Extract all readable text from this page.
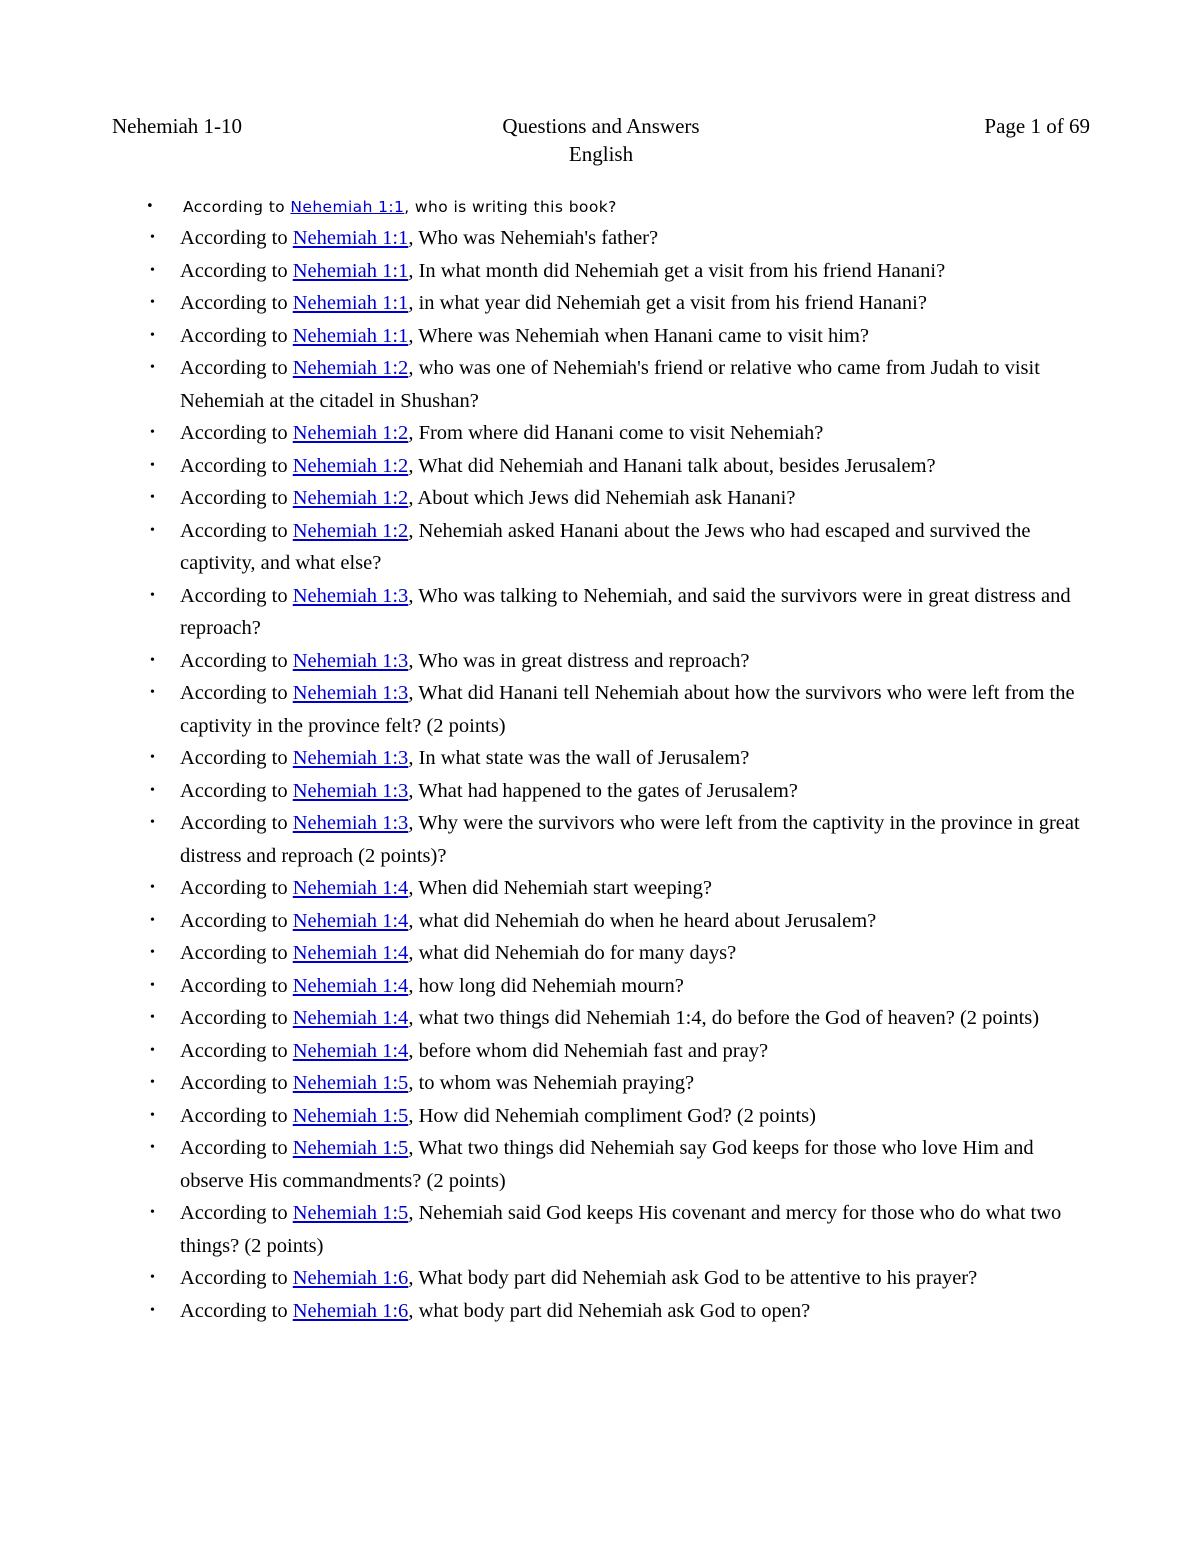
Nehemiah 1-10	Questions and Answers	Page 1 of 69
English
• According to Nehemiah 1:1, who is writing this book?
• According to Nehemiah 1:1, Who was Nehemiah's father?
• According to Nehemiah 1:1, In what month did Nehemiah get a visit from his friend Hanani?
• According to Nehemiah 1:1, in what year did Nehemiah get a visit from his friend Hanani?
• According to Nehemiah 1:1, Where was Nehemiah when Hanani came to visit him?
• According to Nehemiah 1:2, who was one of Nehemiah's friend or relative who came from Judah to visit Nehemiah at the citadel in Shushan?
• According to Nehemiah 1:2, From where did Hanani come to visit Nehemiah?
• According to Nehemiah 1:2, What did Nehemiah and Hanani talk about, besides Jerusalem?
• According to Nehemiah 1:2, About which Jews did Nehemiah ask Hanani?
• According to Nehemiah 1:2, Nehemiah asked Hanani about the Jews who had escaped and survived the captivity, and what else?
• According to Nehemiah 1:3, Who was talking to Nehemiah, and said the survivors were in great distress and reproach?
• According to Nehemiah 1:3, Who was in great distress and reproach?
• According to Nehemiah 1:3, What did Hanani tell Nehemiah about how the survivors who were left from the captivity in the province felt? (2 points)
• According to Nehemiah 1:3, In what state was the wall of Jerusalem?
• According to Nehemiah 1:3, What had happened to the gates of Jerusalem?
• According to Nehemiah 1:3, Why were the survivors who were left from the captivity in the province in great distress and reproach (2 points)?
• According to Nehemiah 1:4, When did Nehemiah start weeping?
• According to Nehemiah 1:4, what did Nehemiah do when he heard about Jerusalem?
• According to Nehemiah 1:4, what did Nehemiah do for many days?
• According to Nehemiah 1:4, how long did Nehemiah mourn?
• According to Nehemiah 1:4, what two things did Nehemiah 1:4, do before the God of heaven? (2 points)
• According to Nehemiah 1:4, before whom did Nehemiah fast and pray?
• According to Nehemiah 1:5, to whom was Nehemiah praying?
• According to Nehemiah 1:5, How did Nehemiah compliment God? (2 points)
• According to Nehemiah 1:5, What two things did Nehemiah say God keeps for those who love Him and observe His commandments? (2 points)
• According to Nehemiah 1:5, Nehemiah said God keeps His covenant and mercy for those who do what two things? (2 points)
• According to Nehemiah 1:6, What body part did Nehemiah ask God to be attentive to his prayer?
• According to Nehemiah 1:6, what body part did Nehemiah ask God to open?
